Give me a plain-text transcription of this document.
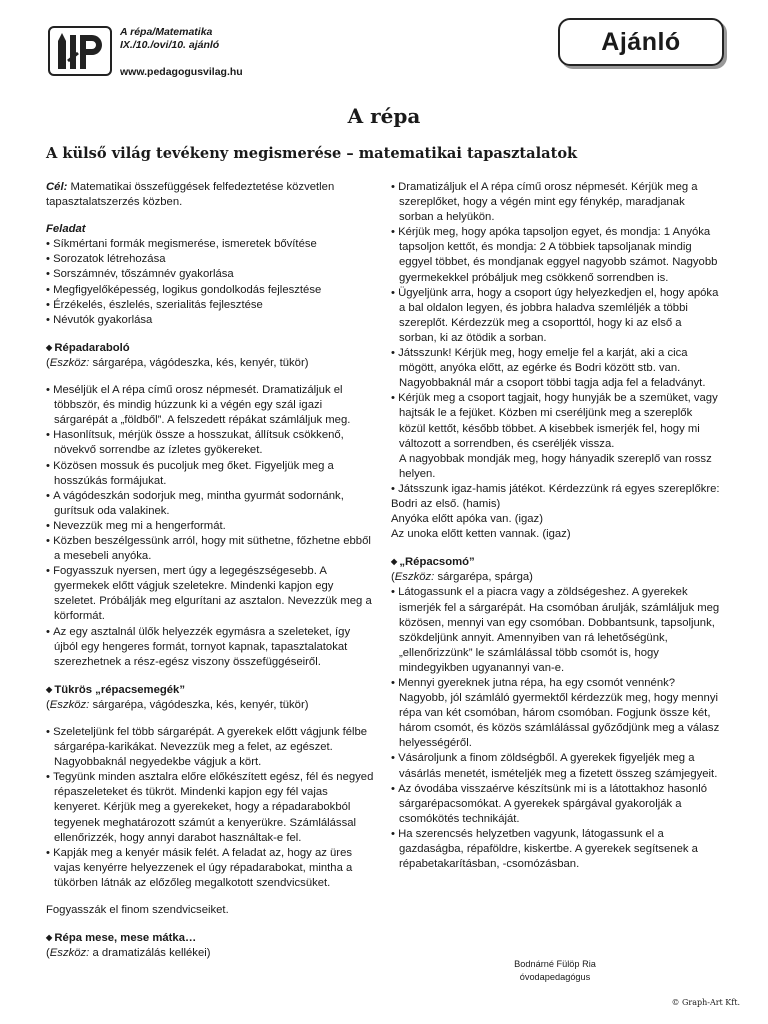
A répa/Matematika
IX./10./ovi/10. ajánló
www.pedagogusvilag.hu
Ajánló
A répa
A külső világ tevékeny megismerése – matematikai tapasztalatok

Cél: Matematikai összefüggések felfedeztetése közvetlen tapasztalatszerzés közben.

Feladat

• Síkmértani formák megismerése, ismeretek bővítése
• Sorozatok létrehozása
• Sorszámnév, tőszámnév gyakorlása
• Megfigyelőképesség, logikus gondolkodás fejlesztése
• Érzékelés, észlelés, szerialitás fejlesztése
• Névutók gyakorlása

◆ Répadaraboló

(Eszköz: sárgarépa, vágódeszka, kés, kenyér, tükör)

• Meséljük el A répa című orosz népmesét. Dramatizáljuk el többször, és mindig húzzunk ki a végén egy szál igazi sárgarépát a „földből”. A felszedett répákat számláljuk meg.
• Hasonlítsuk, mérjük össze a hosszukat, állítsuk csökkenő, növekvő sorrendbe az ízletes gyökereket.
• Közösen mossuk és pucoljuk meg őket. Figyeljük meg a hosszúkás formájukat.
• A vágódeszkán sodorjuk meg, mintha gyurmát sodornánk, gurítsuk oda valakinek.
• Nevezzük meg mi a hengerformát.
• Közben beszélgessünk arról, hogy mit süthetne, főzhetne ebből a mesebeli anyóka.
• Fogyasszuk nyersen, mert úgy a legegészségesebb. A gyermekek előtt vágjuk szeletekre. Mindenki kapjon egy szeletet. Próbálják meg elgurítani az asztalon. Nevezzük meg a körformát.
• Az egy asztalnál ülők helyezzék egymásra a szeleteket, így újból egy hengeres formát, tornyot kapnak, tapasztalatokat szerezhetnek a rész-egész viszony összefüggéseiről.

◆ Tükrös „répacsemegék”

(Eszköz: sárgarépa, vágódeszka, kés, kenyér, tükör)

• Szeleteljünk fel több sárgarépát. A gyerekek előtt vágjunk félbe sárgarépa-karikákat. Nevezzük meg a felet, az egészet. Nagyobbaknál negyedekbe vágjuk a kört.
• Tegyünk minden asztalra előre előkészített egész, fél és negyed répaszeleteket és tükröt. Mindenki kapjon egy fél vajas kenyeret. Kérjük meg a gyerekeket, hogy a répadarabokból tegyenek meghatározott számút a kenyerükre. Számlálással ellenőrizzék, hogy annyi darabot használtak-e fel.
• Kapják meg a kenyér másik felét. A feladat az, hogy az üres vajas kenyérre helyezzenek el úgy répadarabokat, mintha a tükörben látnák az előzőleg megalkotott szendvicsüket.

Fogyasszák el finom szendvicseiket.

◆ Répa mese, mese mátka…

(Eszköz: a dramatizálás kellékei)

• Dramatizáljuk el A répa című orosz népmesét. Kérjük meg a szereplőket, hogy a végén mint egy fénykép, maradjanak sorban a helyükön.
• Kérjük meg, hogy apóka tapsoljon egyet, és mondja: 1 Anyóka tapsoljon kettőt, és mondja: 2 A többiek tapsoljanak mindig eggyel többet, és mondjanak eggyel nagyobb számot. Nagyobb gyermekekkel próbáljuk meg csökkenő sorrendben is.
• Ügyeljünk arra, hogy a csoport úgy helyezkedjen el, hogy apóka a bal oldalon legyen, és jobbra haladva szemléljék a többi szereplőt. Kérdezzük meg a csoporttól, hogy ki az első a sorban, ki az ötödik a sorban.
• Játsszunk! Kérjük meg, hogy emelje fel a karját, aki a cica mögött, anyóka előtt, az egérke és Bodri között stb. van. Nagyobbaknál már a csoport többi tagja adja fel a feladványt.
• Kérjük meg a csoport tagjait, hogy hunyják be a szemüket, vagy hajtsák le a fejüket. Közben mi cseréljünk meg a szereplők közül kettőt, később többet. A kisebbek ismerjék fel, hogy mi változott a sorrendben, és cseréljék vissza.

A nagyobbak mondják meg, hogy hányadik szereplő van rossz helyen.

• Játsszunk igaz-hamis játékot. Kérdezzünk rá egyes szereplőkre:

Bodri az első. (hamis)

Anyóka előtt apóka van. (igaz)

Az unoka előtt ketten vannak. (igaz)

◆ „Répacsomó”

(Eszköz: sárgarépa, spárga)

• Látogassunk el a piacra vagy a zöldségeshez. A gyerekek ismerjék fel a sárgarépát. Ha csomóban árulják, számláljuk meg közösen, mennyi van egy csomóban. Dobbantsunk, tapsoljunk, szökdeljünk annyit. Amennyiben van rá lehetőségünk, „ellenőrizzünk” le számlálással több csomót is, hogy mindegyikben ugyanannyi van-e.
• Mennyi gyereknek jutna répa, ha egy csomót vennénk? Nagyobb, jól számláló gyermektől kérdezzük meg, hogy mennyi répa van két csomóban, három csomóban. Fogjunk össze két, három csomót, és közös számlálással győződjünk meg a válasz helyességéről.
• Vásároljunk a finom zöldségből. A gyerekek figyeljék meg a vásárlás menetét, ismételjék meg a fizetett összeg számjegyeit.
• Az óvodába visszaérve készítsünk mi is a látottakhoz hasonló sárgarépacsomókat. A gyerekek spárgával gyakorolják a csomókötés technikáját.
• Ha szerencsés helyzetben vagyunk, látogassunk el a gazdaságba, répaföldre, kiskertbe. A gyerekek segítsenek a répabetakarításban, -csomózásban.
Bodnárné Fülöp Ria
óvodapedagógus
© Graph-Art Kft.
